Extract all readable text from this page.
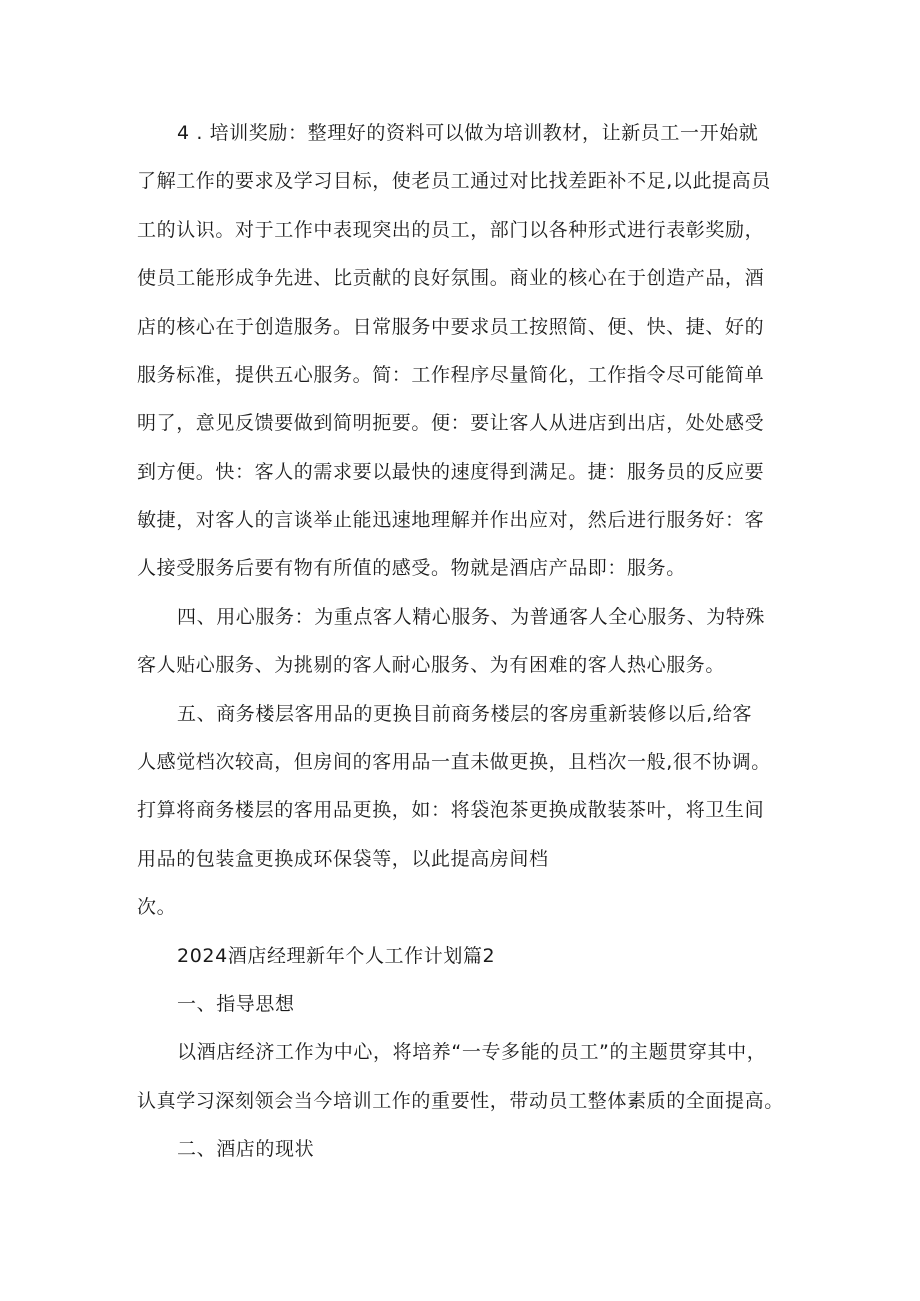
4 . 培训奖励：整理好的资料可以做为培训教材，让新员工一开始就
了解工作的要求及学习目标，使老员工通过对比找差距补不足,以此提高员
工的认识。对于工作中表现突出的员工，部门以各种形式进行表彰奖励，
使员工能形成争先进、比贡献的良好氛围。商业的核心在于创造产品，酒
店的核心在于创造服务。日常服务中要求员工按照简、便、快、捷、好的
服务标准，提供五心服务。简：工作程序尽量简化，工作指令尽可能简单
明了，意见反馈要做到简明扼要。便：要让客人从进店到出店，处处感受
到方便。快：客人的需求要以最快的速度得到满足。捷：服务员的反应要
敏捷，对客人的言谈举止能迅速地理解并作出应对，然后进行服务好：客
人接受服务后要有物有所值的感受。物就是酒店产品即：服务。
四、用心服务：为重点客人精心服务、为普通客人全心服务、为特殊
客人贴心服务、为挑剔的客人耐心服务、为有困难的客人热心服务。
五、商务楼层客用品的更换目前商务楼层的客房重新装修以后,给客
人感觉档次较高，但房间的客用品一直未做更换，且档次一般,很不协调。
打算将商务楼层的客用品更换，如：将袋泡茶更换成散装茶叶，将卫生间
用品的包装盒更换成环保袋等，以此提高房间档
次。
2024酒店经理新年个人工作计划篇2
一、指导思想
以酒店经济工作为中心，将培养“一专多能的员工”的主题贯穿其中，
认真学习深刻领会当今培训工作的重要性，带动员工整体素质的全面提高。
二、酒店的现状
